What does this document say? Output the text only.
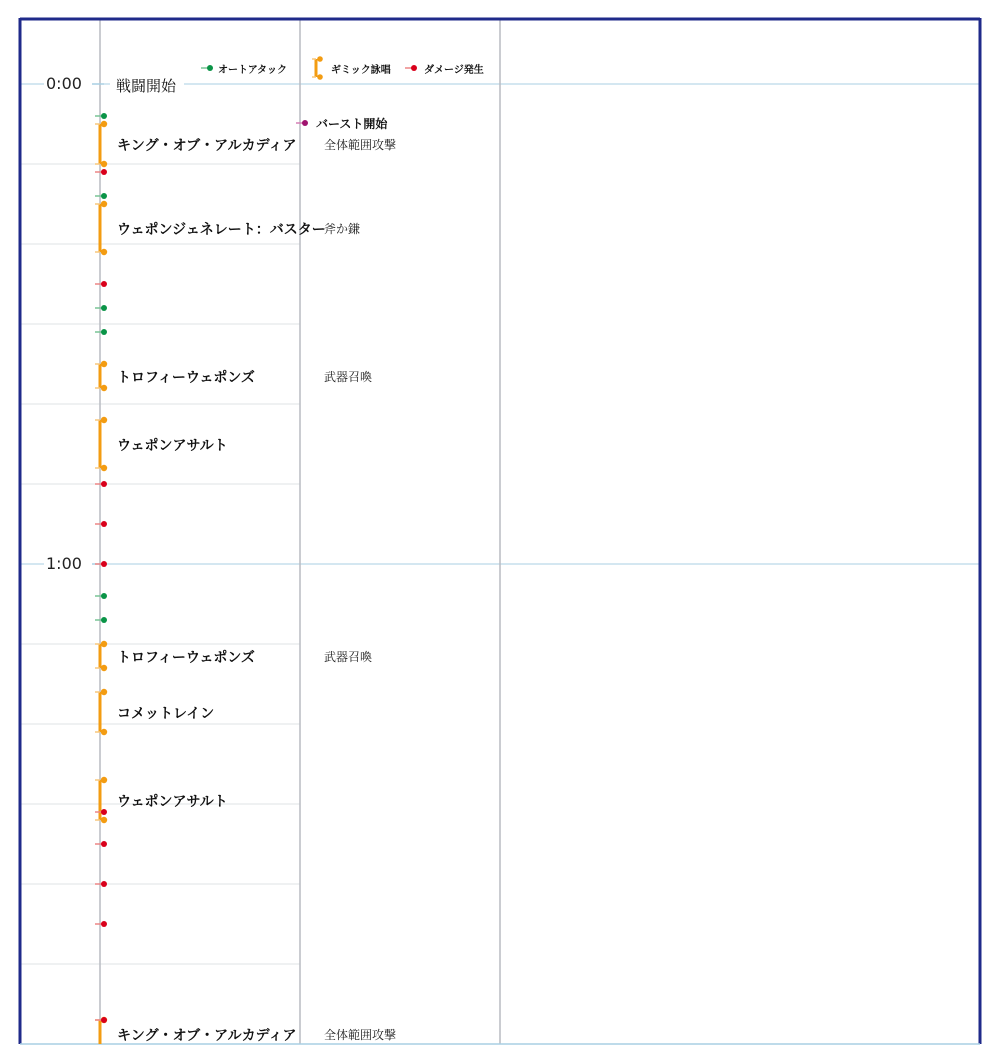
オートアタック	ギミック詠唱	ダメージ発生
戦闘開始
バースト開始
0:00
1:00
キング・オブ・アルカディア 全体範囲攻撃
ウェポンジェネレート：バスター
斧か鎌
トロフィーウェポンズ	武器召喚
ウェポンアサルト
トロフィーウェポンズ	武器召喚
コメットレイン
ウェポンアサルト
キング・オブ・アルカディア 全体範囲攻撃
